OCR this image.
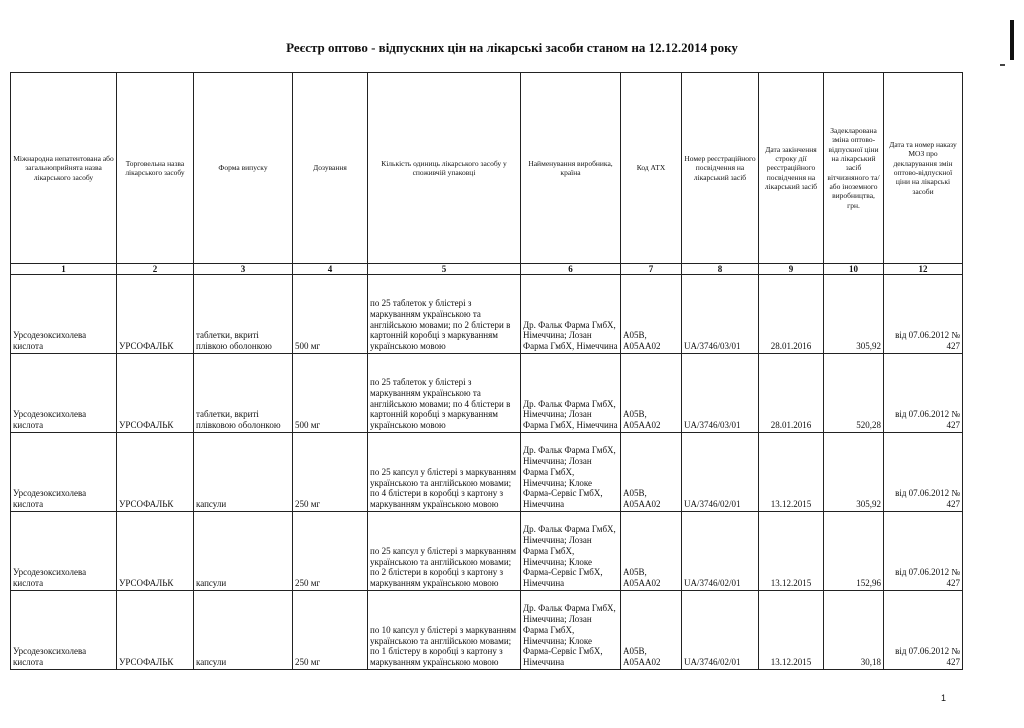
Реєстр оптово - відпускних цін на лікарські засоби станом на 12.12.2014 року
Міжнародна непатентована або загальноприйнята назва лікарського засобу	Торговельна назва лікарського засобу	Форма випуску	Дозування	Кількість одиниць лікарського засобу у споживчій упаковці	Найменування виробника, країна	Код АТХ	Номер реєстраційного посвідчення на лікарський засіб	Дата закінчення строку дії реєстраційного посвідчення на лікарський засіб	Задекларована зміна оптово-відпускної ціни на лікарський засіб вітчизняного та/або іноземного виробництва, грн.	Дата та номер наказу МОЗ про декларування змін оптово-відпускної ціни на лікарські засоби
1	2	3	4	5	6	7	8	9	10	12
Урсодезоксихолева кислота	УРСОФАЛЬК	таблетки, вкриті плівкою оболонкою	500 мг	по 25 таблеток у блістері з маркуванням українською та англійською мовами; по 2 блістери в картонній коробці з маркуванням українською мовою	Др. Фальк Фарма ГмбХ, Німеччина; Лозан Фарма ГмбХ, Німеччина	A05B, A05AA02	UA/3746/03/01	28.01.2016	305,92	від 07.06.2012 № 427
Урсодезоксихолева кислота	УРСОФАЛЬК	таблетки, вкриті плівковою оболонкою	500 мг	по 25 таблеток у блістері з маркуванням українською та англійською мовами; по 4 блістери в картонній коробці з маркуванням українською мовою	Др. Фальк Фарма ГмбХ, Німеччина; Лозан Фарма ГмбХ, Німеччина	A05B, A05AA02	UA/3746/03/01	28.01.2016	520,28	від 07.06.2012 № 427
Урсодезоксихолева кислота	УРСОФАЛЬК	капсули	250 мг	по 25 капсул у блістері з маркуванням українською та англійською мовами; по 4 блістери в коробці з картону з маркуванням українською мовою	Др. Фальк Фарма ГмбХ, Німеччина; Лозан Фарма ГмбХ, Німеччина; Клоке Фарма-Сервіс ГмбХ, Німеччина	A05B, A05AA02	UA/3746/02/01	13.12.2015	305,92	від 07.06.2012 № 427
Урсодезоксихолева кислота	УРСОФАЛЬК	капсули	250 мг	по 25 капсул у блістері з маркуванням українською та англійською мовами; по 2 блістери в коробці з картону з маркуванням українською мовою	Др. Фальк Фарма ГмбХ, Німеччина; Лозан Фарма ГмбХ, Німеччина; Клоке Фарма-Сервіс ГмбХ, Німеччина	A05B, A05AA02	UA/3746/02/01	13.12.2015	152,96	від 07.06.2012 № 427
Урсодезоксихолева кислота	УРСОФАЛЬК	капсули	250 мг	по 10 капсул у блістері з маркуванням українською та англійською мовами; по 1 блістеру в коробці з картону з маркуванням українською мовою	Др. Фальк Фарма ГмбХ, Німеччина; Лозан Фарма ГмбХ, Німеччина; Клоке Фарма-Сервіс ГмбХ, Німеччина	A05B, A05AA02	UA/3746/02/01	13.12.2015	30,18	від 07.06.2012 № 427
1
